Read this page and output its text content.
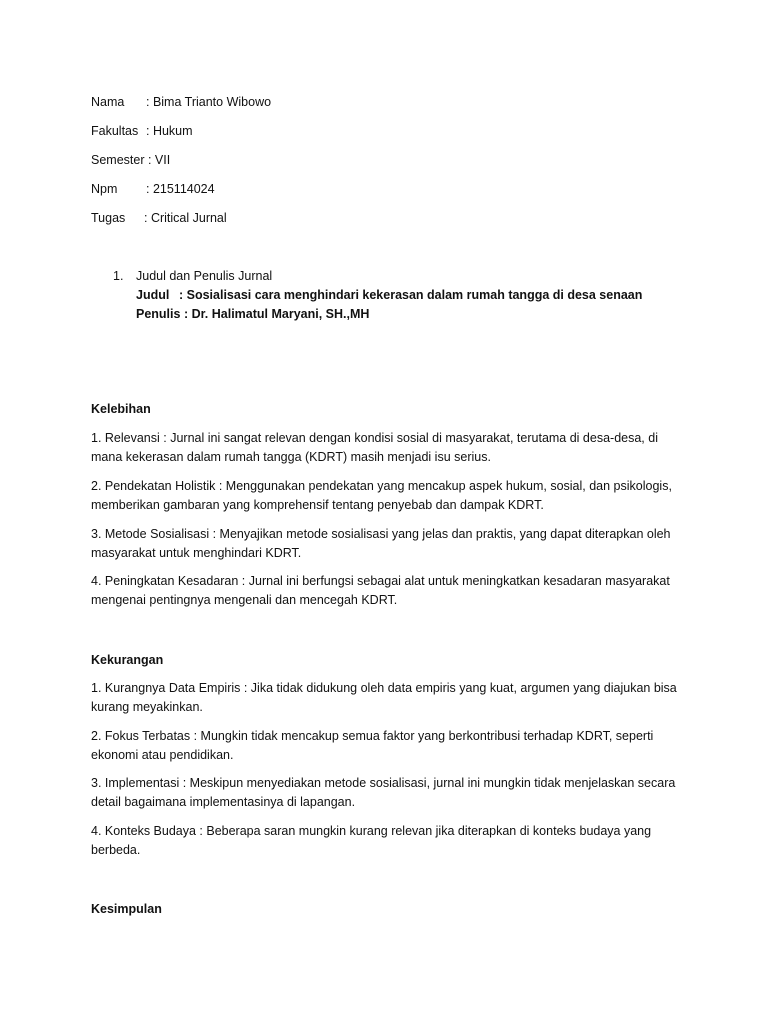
Nama : Bima Trianto Wibowo
Fakultas : Hukum
Semester : VII
Npm : 215114024
Tugas : Critical Jurnal
1. Judul dan Penulis Jurnal
Judul : Sosialisasi cara menghindari kekerasan dalam rumah tangga di desa senaan
Penulis : Dr. Halimatul Maryani, SH.,MH
Kelebihan
1. Relevansi : Jurnal ini sangat relevan dengan kondisi sosial di masyarakat, terutama di desa-desa, di mana kekerasan dalam rumah tangga (KDRT) masih menjadi isu serius.
2. Pendekatan Holistik : Menggunakan pendekatan yang mencakup aspek hukum, sosial, dan psikologis, memberikan gambaran yang komprehensif tentang penyebab dan dampak KDRT.
3. Metode Sosialisasi : Menyajikan metode sosialisasi yang jelas dan praktis, yang dapat diterapkan oleh masyarakat untuk menghindari KDRT.
4. Peningkatan Kesadaran : Jurnal ini berfungsi sebagai alat untuk meningkatkan kesadaran masyarakat mengenai pentingnya mengenali dan mencegah KDRT.
Kekurangan
1. Kurangnya Data Empiris : Jika tidak didukung oleh data empiris yang kuat, argumen yang diajukan bisa kurang meyakinkan.
2. Fokus Terbatas : Mungkin tidak mencakup semua faktor yang berkontribusi terhadap KDRT, seperti ekonomi atau pendidikan.
3. Implementasi : Meskipun menyediakan metode sosialisasi, jurnal ini mungkin tidak menjelaskan secara detail bagaimana implementasinya di lapangan.
4. Konteks Budaya : Beberapa saran mungkin kurang relevan jika diterapkan di konteks budaya yang berbeda.
Kesimpulan
